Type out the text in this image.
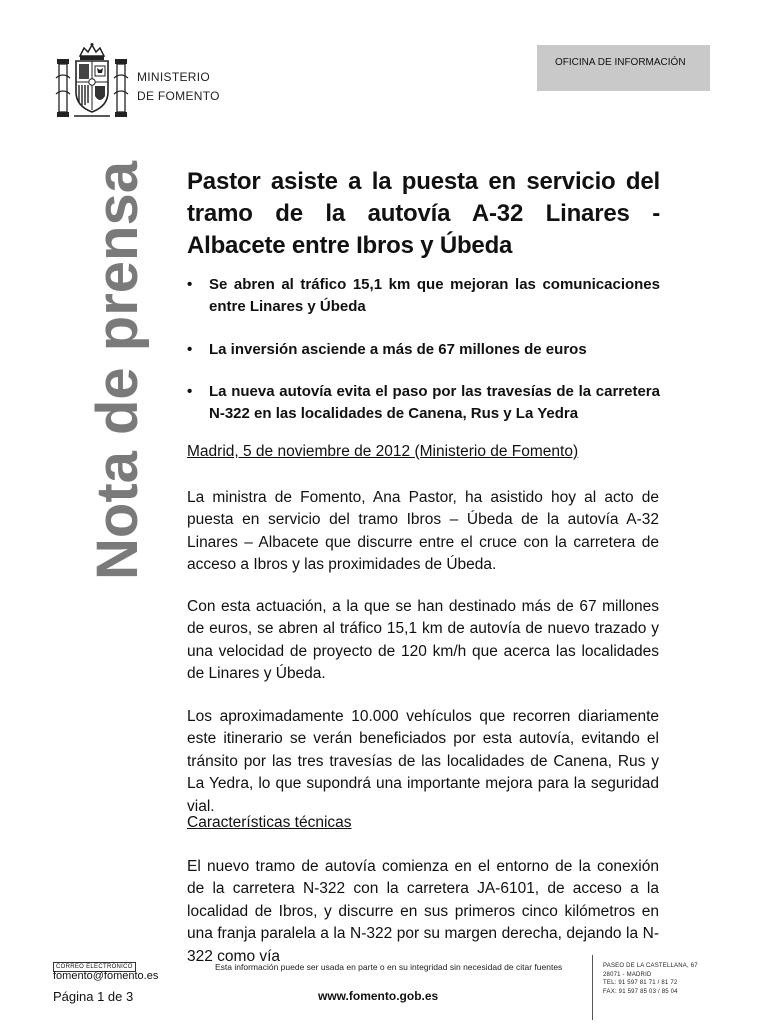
MINISTERIO
DE FOMENTO
OFICINA DE INFORMACIÓN
Nota de prensa Pastor asiste a la puesta en servicio del tramo de la autovía A-32 Linares -Albacete entre Ibros y Úbeda
• Se abren al tráfico 15,1 km que mejoran las comunicaciones entre Linares y Úbeda
• La inversión asciende a más de 67 millones de euros
• La nueva autovía evita el paso por las travesías de la carretera N-322 en las localidades de Canena, Rus y La Yedra
Madrid, 5 de noviembre de 2012 (Ministerio de Fomento)

La ministra de Fomento, Ana Pastor, ha asistido hoy al acto de puesta en servicio del tramo Ibros – Úbeda de la autovía A-32 Linares – Albacete que discurre entre el cruce con la carretera de acceso a Ibros y las proximidades de Úbeda.

Con esta actuación, a la que se han destinado más de 67 millones de euros, se abren al tráfico 15,1 km de autovía de nuevo trazado y una velocidad de proyecto de 120 km/h que acerca las localidades de Linares y Úbeda.

Los aproximadamente 10.000 vehículos que recorren diariamente este itinerario se verán beneficiados por esta autovía, evitando el tránsito por las tres travesías de las localidades de Canena, Rus y La Yedra, lo que supondrá una importante mejora para la seguridad vial.

Características técnicas

El nuevo tramo de autovía comienza en el entorno de la conexión de la carretera N-322 con la carretera JA-6101, de acceso a la localidad de Ibros, y discurre en sus primeros cinco kilómetros en una franja paralela a la N-322 por su margen derecha, dejando la N-322 como vía

CORREO ELECTRÓNICO
fomento@fomento.es
Página 1 de 3
Esta información puede ser usada en parte o en su integridad sin necesidad de citar fuentes
www.fomento.gob.es
PASEO DE LA CASTELLANA, 67
28071 - MADRID
TEL: 91 597 81 71 / 81 72
FAX: 91 597 85 03 / 85 04
